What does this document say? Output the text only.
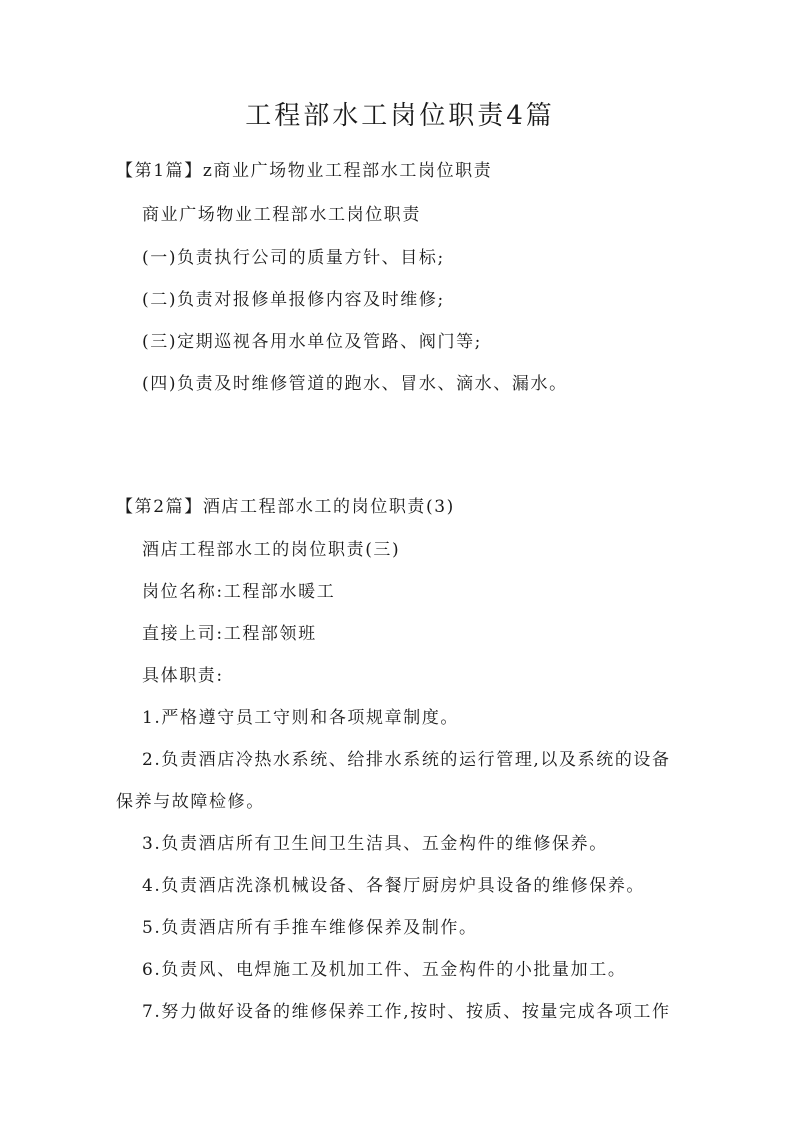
工程部水工岗位职责4篇
【第1篇】z商业广场物业工程部水工岗位职责
商业广场物业工程部水工岗位职责
(一)负责执行公司的质量方针、目标;
(二)负责对报修单报修内容及时维修;
(三)定期巡视各用水单位及管路、阀门等;
(四)负责及时维修管道的跑水、冒水、滴水、漏水。
【第2篇】酒店工程部水工的岗位职责(3)
酒店工程部水工的岗位职责(三)
岗位名称:工程部水暖工
直接上司:工程部领班
具体职责:
1.严格遵守员工守则和各项规章制度。
2.负责酒店冷热水系统、给排水系统的运行管理,以及系统的设备
保养与故障检修。
3.负责酒店所有卫生间卫生洁具、五金构件的维修保养。
4.负责酒店洗涤机械设备、各餐厅厨房炉具设备的维修保养。
5.负责酒店所有手推车维修保养及制作。
6.负责风、电焊施工及机加工件、五金构件的小批量加工。
7.努力做好设备的维修保养工作,按时、按质、按量完成各项工作
